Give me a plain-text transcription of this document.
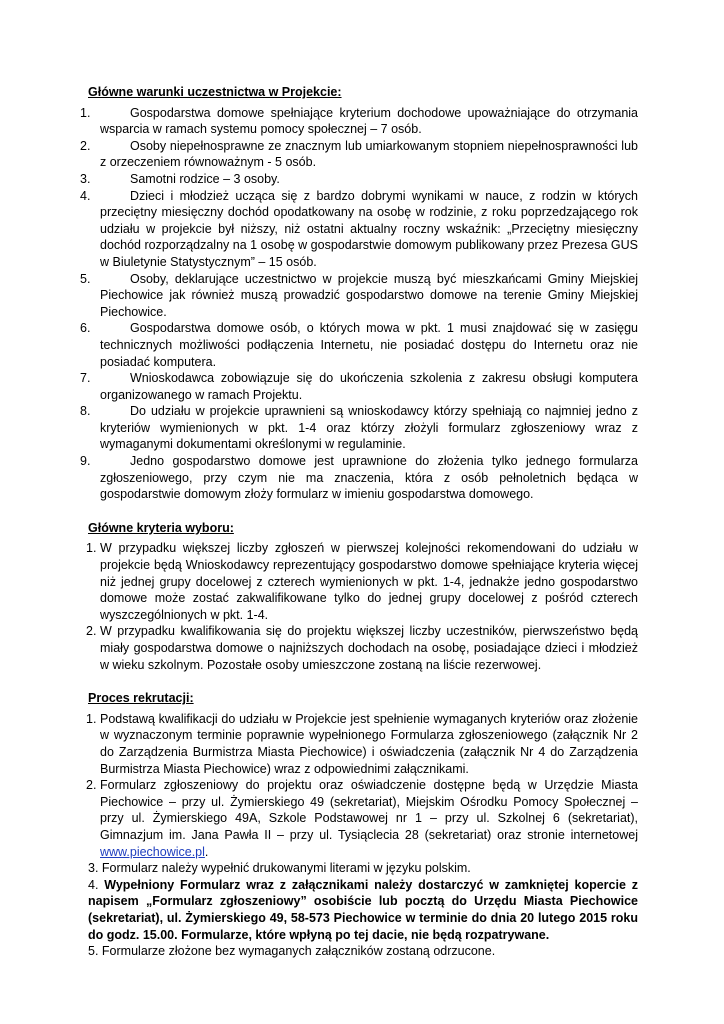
Główne warunki uczestnictwa w Projekcie:
1.	Gospodarstwa domowe spełniające kryterium dochodowe upoważniające do otrzymania wsparcia w ramach systemu pomocy społecznej – 7 osób.
2.	Osoby niepełnosprawne ze znacznym lub umiarkowanym stopniem niepełnosprawności lub z orzeczeniem równoważnym - 5 osób.
3.	Samotni rodzice – 3 osoby.
4.	Dzieci i młodzież ucząca się z bardzo dobrymi wynikami w nauce, z rodzin w których przeciętny miesięczny dochód opodatkowany na osobę w rodzinie, z roku poprzedzającego rok udziału w projekcie był niższy, niż ostatni aktualny roczny wskaźnik: „Przeciętny miesięczny dochód rozporządzalny na 1 osobę w gospodarstwie domowym publikowany przez Prezesa GUS w Biuletynie Statystycznym” – 15 osób.
5.	Osoby, deklarujące uczestnictwo w projekcie muszą być mieszkańcami Gminy Miejskiej Piechowice jak również muszą prowadzić gospodarstwo domowe na terenie Gminy Miejskiej Piechowice.
6.	Gospodarstwa domowe osób, o których mowa w pkt. 1 musi znajdować się w zasięgu technicznych możliwości podłączenia Internetu, nie posiadać dostępu do Internetu oraz nie posiadać komputera.
7.	Wnioskodawca zobowiązuje się do ukończenia szkolenia z zakresu obsługi komputera organizowanego w ramach Projektu.
8.	Do udziału w projekcie uprawnieni są wnioskodawcy którzy spełniają co najmniej jedno z kryteriów wymienionych w pkt. 1-4 oraz którzy złożyli formularz zgłoszeniowy wraz z wymaganymi dokumentami określonymi w regulaminie.
9.	Jedno gospodarstwo domowe jest uprawnione do złożenia tylko jednego formularza zgłoszeniowego, przy czym nie ma znaczenia, która z osób pełnoletnich będąca w gospodarstwie domowym złoży formularz w imieniu gospodarstwa domowego.
Główne kryteria wyboru:
1. W przypadku większej liczby zgłoszeń w pierwszej kolejności rekomendowani do udziału w projekcie będą Wnioskodawcy reprezentujący gospodarstwo domowe spełniające kryteria więcej niż jednej grupy docelowej z czterech wymienionych w pkt. 1-4, jednakże jedno gospodarstwo domowe może zostać zakwalifikowane tylko do jednej grupy docelowej z pośród czterech wyszczególnionych w pkt. 1-4.
2. W przypadku kwalifikowania się do projektu większej liczby uczestników, pierwszeństwo będą miały gospodarstwa domowe o najniższych dochodach na osobę, posiadające dzieci i młodzież w wieku szkolnym. Pozostałe osoby umieszczone zostaną na liście rezerwowej.
Proces rekrutacji:
1. Podstawą kwalifikacji do udziału w Projekcie jest spełnienie wymaganych kryteriów oraz złożenie w wyznaczonym terminie poprawnie wypełnionego Formularza zgłoszeniowego (załącznik Nr 2 do Zarządzenia Burmistrza Miasta Piechowice) i oświadczenia (załącznik Nr 4 do Zarządzenia Burmistrza Miasta Piechowice) wraz z odpowiednimi załącznikami.
2. Formularz zgłoszeniowy do projektu oraz oświadczenie dostępne będą w Urzędzie Miasta Piechowice – przy ul. Żymierskiego 49 (sekretariat), Miejskim Ośrodku Pomocy Społecznej – przy ul. Żymierskiego 49A, Szkole Podstawowej nr 1 – przy ul. Szkolnej 6 (sekretariat), Gimnazjum im. Jana Pawła II – przy ul. Tysiąclecia 28 (sekretariat) oraz stronie internetowej www.piechowice.pl.
3. Formularz należy wypełnić drukowanymi literami w języku polskim.
4. Wypełniony Formularz wraz z załącznikami należy dostarczyć w zamkniętej kopercie z napisem „Formularz zgłoszeniowy” osobiście lub pocztą do Urzędu Miasta Piechowice (sekretariat), ul. Żymierskiego 49, 58-573 Piechowice w terminie do dnia 20 lutego 2015 roku do godz. 15.00. Formularze, które wpłyną po tej dacie, nie będą rozpatrywane.
5. Formularze złożone bez wymaganych załączników zostaną odrzucone.
